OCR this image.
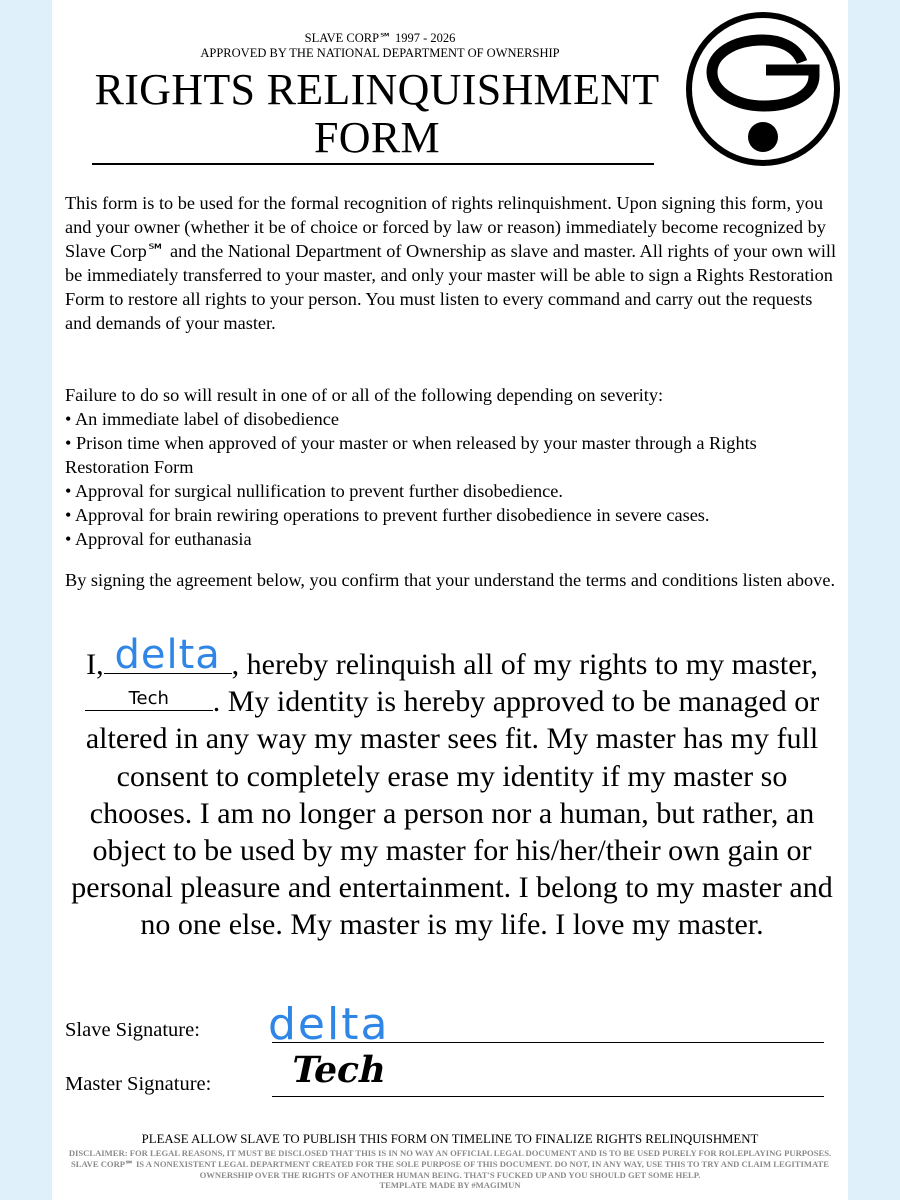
SLAVE CORP℠ 1997 - 2026
APPROVED BY THE NATIONAL DEPARTMENT OF OWNERSHIP
RIGHTS RELINQUISHMENT
FORM

This form is to be used for the formal recognition of rights relinquishment. Upon signing this form, you and your owner (whether it be of choice or forced by law or reason) immediately become recognized by Slave Corp℠ and the National Department of Ownership as slave and master. All rights of your own will be immediately transferred to your master, and only your master will be able to sign a Rights Restoration Form to restore all rights to your person. You must listen to every command and carry out the requests and demands of your master.

Failure to do so will result in one of or all of the following depending on severity:

• An immediate label of disobedience

• Prison time when approved of your master or when released by your master through a Rights Restoration Form

• Approval for surgical nullification to prevent further disobedience.

• Approval for brain rewiring operations to prevent further disobedience in severe cases.

• Approval for euthanasia

By signing the agreement below, you confirm that your understand the terms and conditions listen above.

I, delta , hereby relinquish all of my rights to my master,
Tech	. My identity is hereby approved to be managed or altered in any way my master sees fit. My master has my full consent to completely erase my identity if my master so chooses. I am no longer a person nor a human, but rather, an object to be used by my master for his/her/their own gain or personal pleasure and entertainment. I belong to my master and no one else. My master is my life. I love my master.
Slave Signature: delta
Master Signature: Tech
PLEASE ALLOW SLAVE TO PUBLISH THIS FORM ON TIMELINE TO FINALIZE RIGHTS RELINQUISHMENT
DISCLAIMER: FOR LEGAL REASONS, IT MUST BE DISCLOSED THAT THIS IS IN NO WAY AN OFFICIAL LEGAL DOCUMENT AND IS TO BE USED PURELY FOR ROLEPLAYING PURPOSES. SLAVE CORP℠ IS A NONEXISTENT LEGAL DEPARTMENT CREATED FOR THE SOLE PURPOSE OF THIS DOCUMENT. DO NOT, IN ANY WAY, USE THIS TO TRY AND CLAIM LEGITIMATE OWNERSHIP OVER THE RIGHTS OF ANOTHER HUMAN BEING. THAT'S FUCKED UP AND YOU SHOULD GET SOME HELP.
TEMPLATE MADE BY #MAGIMUN
